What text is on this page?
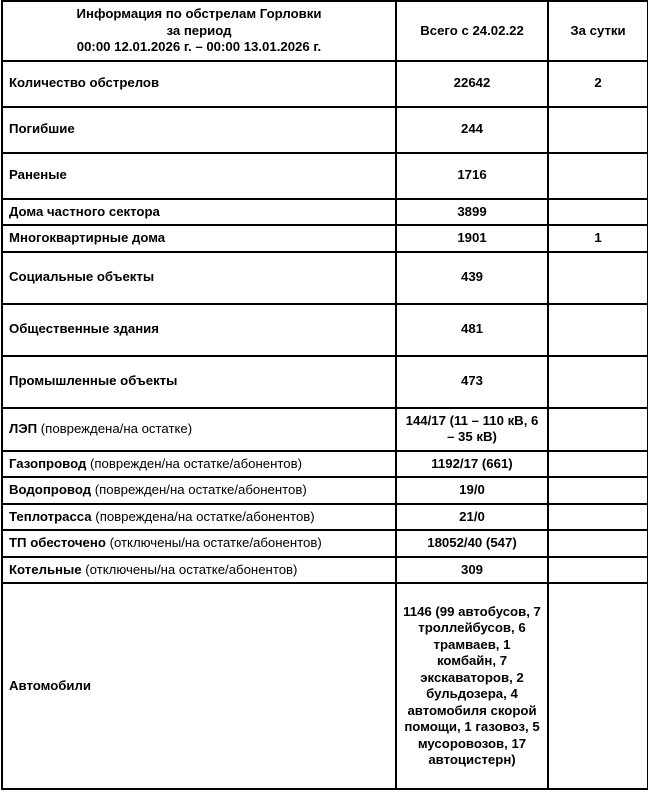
Информация по обстрелам Горловки
за период
00:00 12.01.2026 г. – 00:00 13.01.2026 г.	Всего с 24.02.22	За сутки
Количество обстрелов	22642	2
Погибшие	244	
Раненые	1716	
Дома частного сектора	3899	
Многоквартирные дома	1901	1
Социальные объекты	439	
Общественные здания	481	
Промышленные объекты	473	
ЛЭП (повреждена/на остатке)	144/17 (11 – 110 кВ, 6 – 35 кВ)	
Газопровод (поврежден/на остатке/абонентов)	1192/17 (661)	
Водопровод (поврежден/на остатке/абонентов)	19/0	
Теплотрасса (повреждена/на остатке/абонентов)	21/0	
ТП обесточено (отключены/на остатке/абонентов)	18052/40 (547)	
Котельные (отключены/на остатке/абонентов)	309	
Автомобили	1146 (99 автобусов, 7 троллейбусов, 6 трамваев, 1 комбайн, 7 экскаваторов, 2 бульдозера, 4 автомобиля скорой помощи, 1 газовоз, 5 мусоровозов, 17 автоцистерн)	
